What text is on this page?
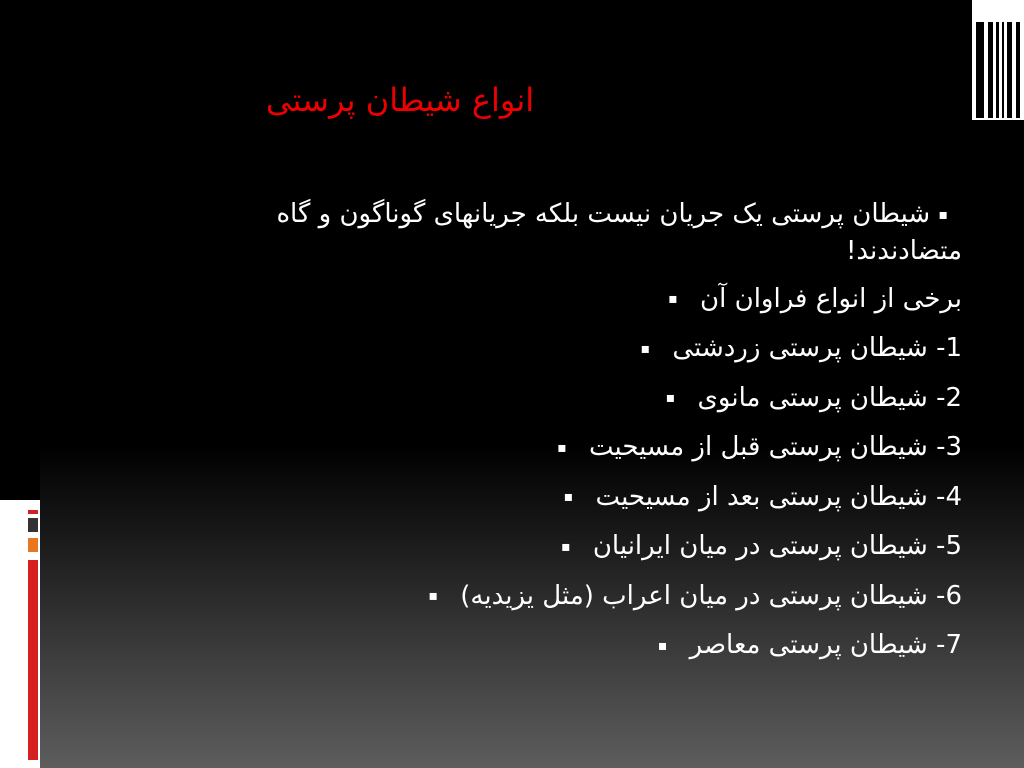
انواع شیطان پرستی
▪ شیطان پرستی یک جریان نیست بلکه جریانهای گوناگون و گاه متضادندند!
برخی از انواع فراوان آن ▪
1- شیطان پرستی زردشتی ▪
2- شیطان پرستی مانوی ▪
3- شیطان پرستی قبل از مسیحیت ▪
4- شیطان پرستی بعد از مسیحیت ▪
5- شیطان پرستی در میان ایرانیان ▪
6- شیطان پرستی در میان اعراب (مثل یزیدیه) ▪
7- شیطان پرستی معاصر ▪
